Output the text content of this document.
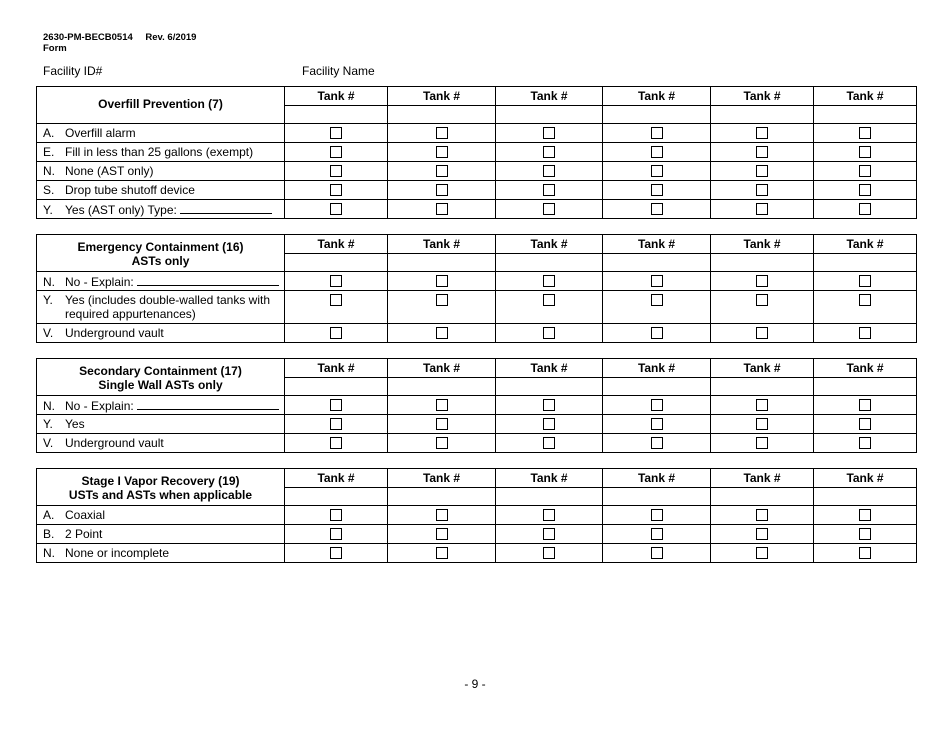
2630-PM-BECB0514 Rev. 6/2019
Form
Facility ID#	Facility Name
Overfill Prevention (7)	Tank #	Tank #	Tank #	Tank #	Tank #	Tank #

A. Overfill alarm						
E. Fill in less than 25 gallons (exempt)						
N. None (AST only)						
S. Drop tube shutoff device						
Y. Yes (AST only) Type:						
Emergency Containment (16)
ASTs only	Tank #	Tank #	Tank #	Tank #	Tank #	Tank #

N. No - Explain:						
Y. Yes (includes double-walled tanks with required appurtenances)						
V. Underground vault						
Secondary Containment (17)
Single Wall ASTs only	Tank #	Tank #	Tank #	Tank #	Tank #	Tank #

N. No - Explain:						
Y. Yes						
V. Underground vault						
Stage I Vapor Recovery (19)
USTs and ASTs when applicable	Tank #	Tank #	Tank #	Tank #	Tank #	Tank #

A. Coaxial						
B. 2 Point						
N. None or incomplete						
- 9 -
